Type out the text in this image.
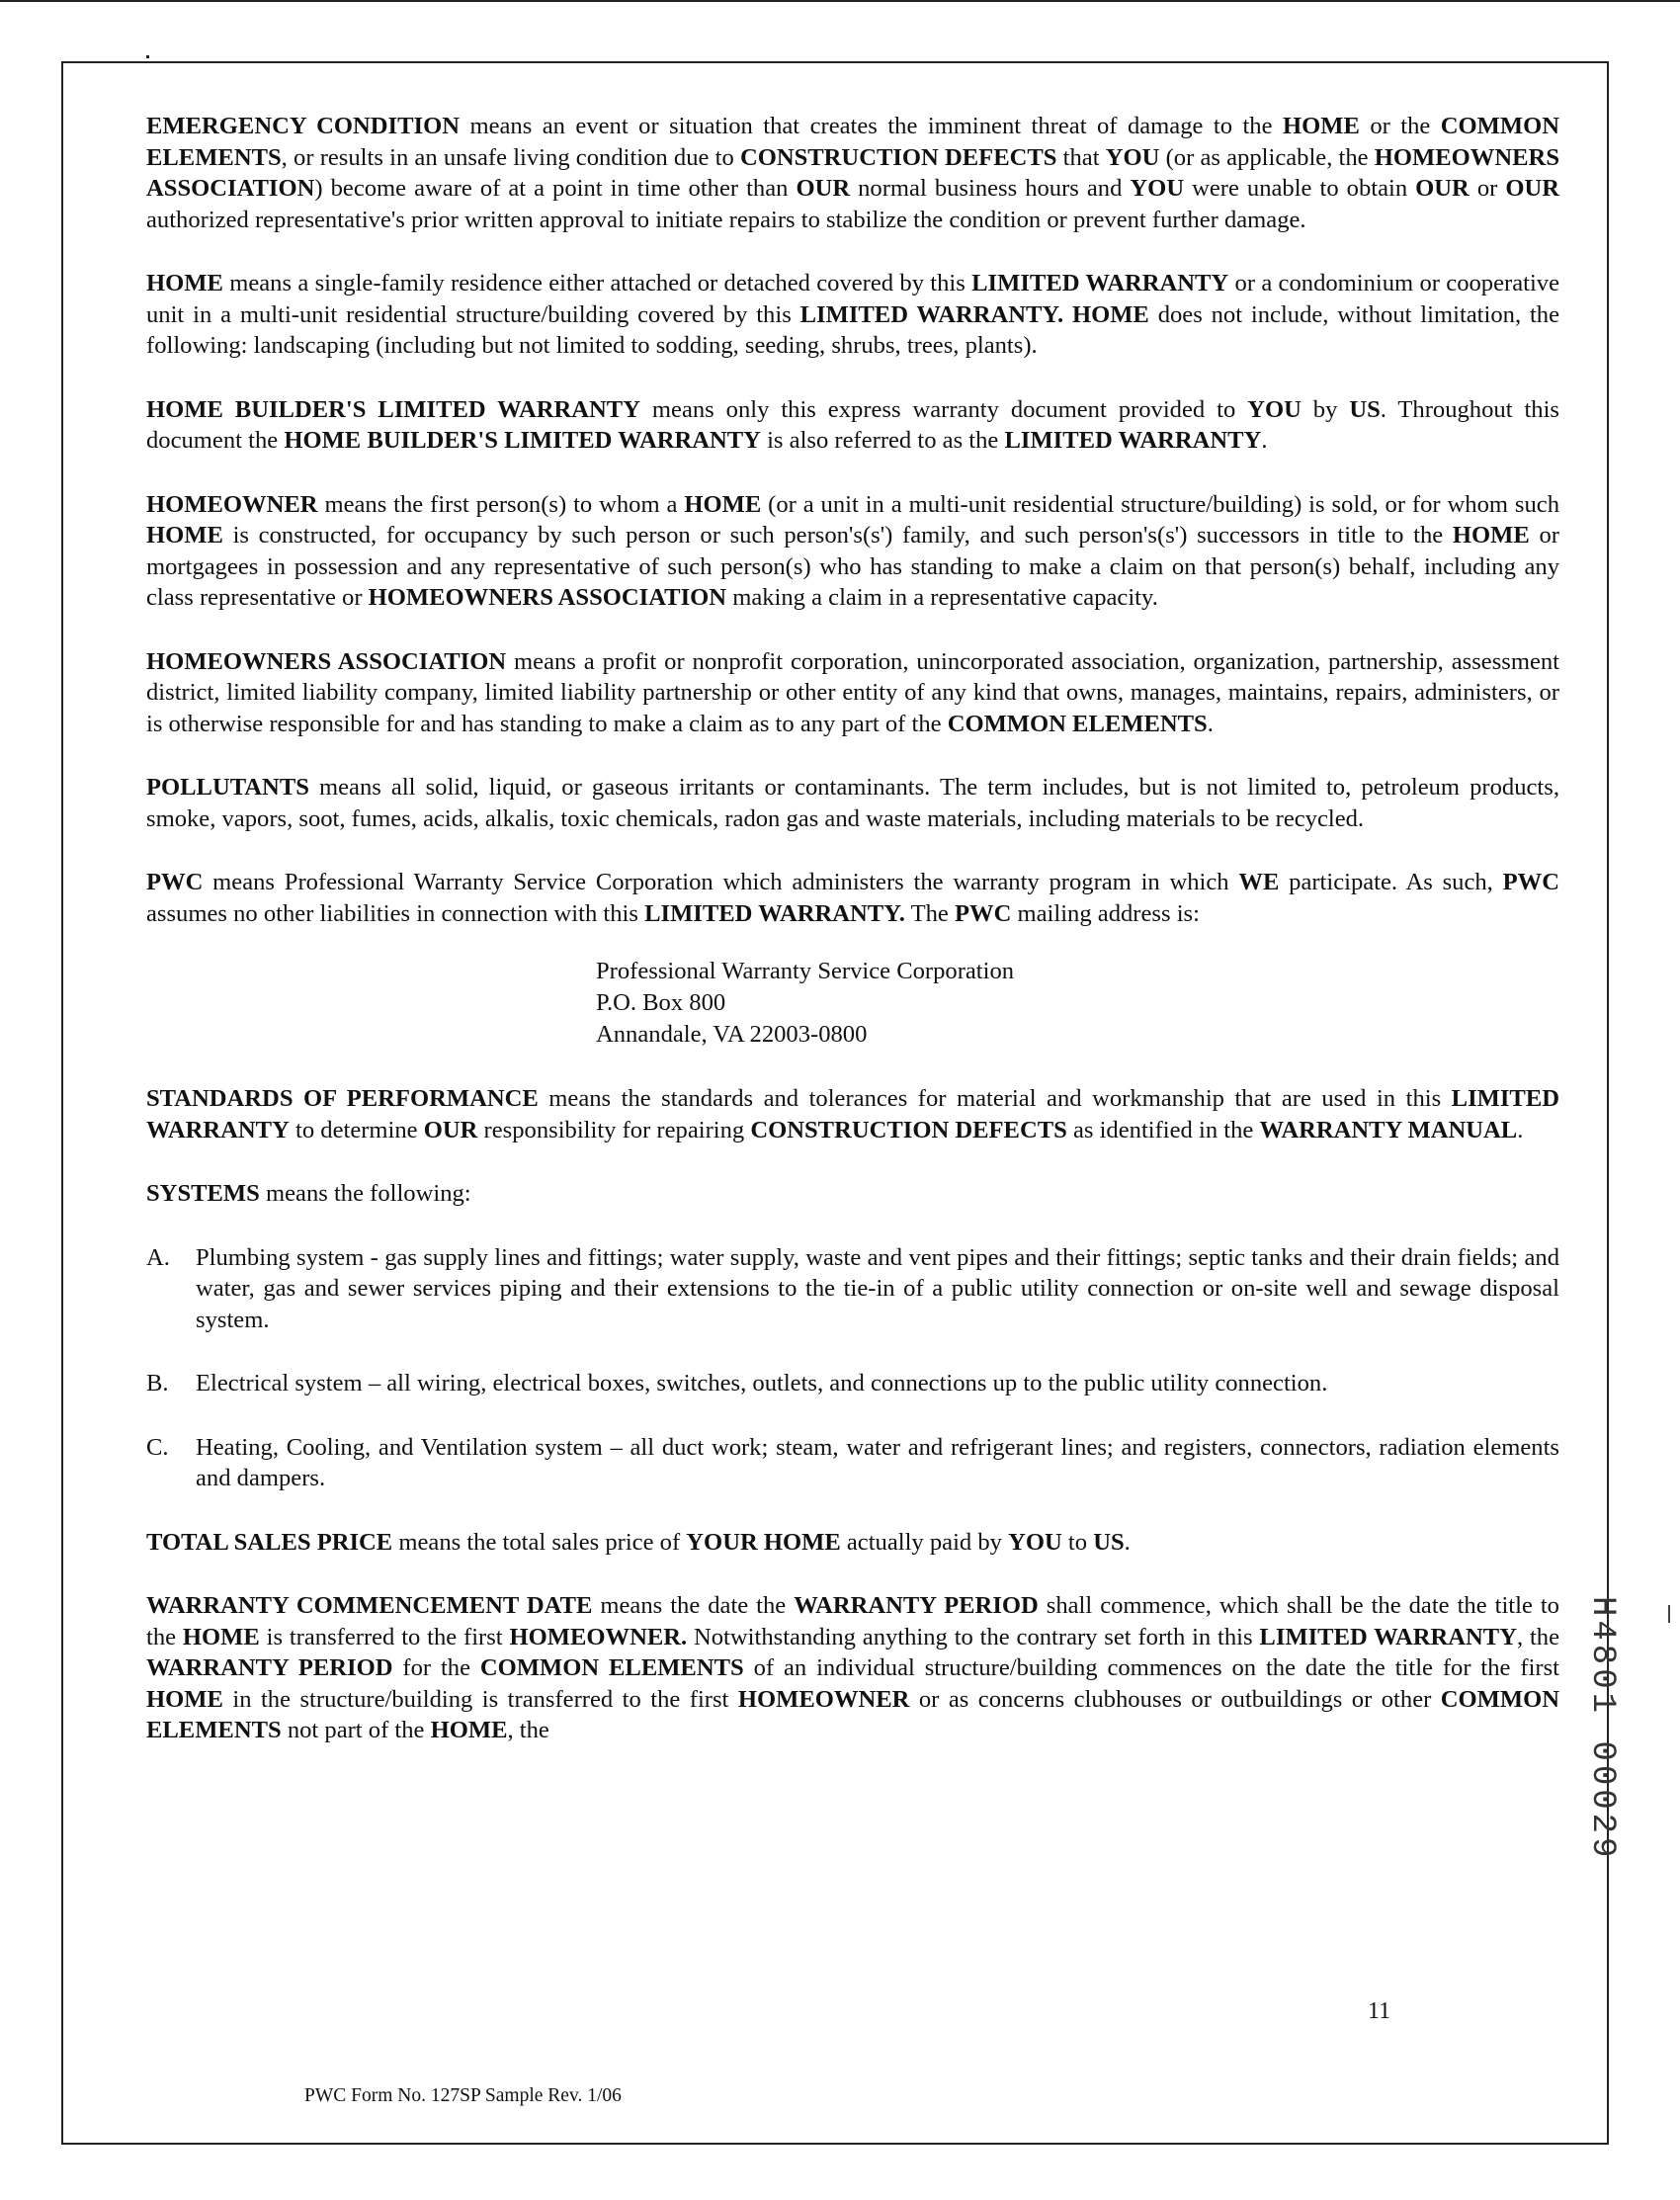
EMERGENCY CONDITION means an event or situation that creates the imminent threat of damage to the HOME or the COMMON ELEMENTS, or results in an unsafe living condition due to CONSTRUCTION DEFECTS that YOU (or as applicable, the HOMEOWNERS ASSOCIATION) become aware of at a point in time other than OUR normal business hours and YOU were unable to obtain OUR or OUR authorized representative's prior written approval to initiate repairs to stabilize the condition or prevent further damage.

HOME means a single-family residence either attached or detached covered by this LIMITED WARRANTY or a condominium or cooperative unit in a multi-unit residential structure/building covered by this LIMITED WARRANTY. HOME does not include, without limitation, the following: landscaping (including but not limited to sodding, seeding, shrubs, trees, plants).

HOME BUILDER'S LIMITED WARRANTY means only this express warranty document provided to YOU by US. Throughout this document the HOME BUILDER'S LIMITED WARRANTY is also referred to as the LIMITED WARRANTY.

HOMEOWNER means the first person(s) to whom a HOME (or a unit in a multi-unit residential structure/building) is sold, or for whom such HOME is constructed, for occupancy by such person or such person's(s') family, and such person's(s') successors in title to the HOME or mortgagees in possession and any representative of such person(s) who has standing to make a claim on that person(s) behalf, including any class representative or HOMEOWNERS ASSOCIATION making a claim in a representative capacity.

HOMEOWNERS ASSOCIATION means a profit or nonprofit corporation, unincorporated association, organization, partnership, assessment district, limited liability company, limited liability partnership or other entity of any kind that owns, manages, maintains, repairs, administers, or is otherwise responsible for and has standing to make a claim as to any part of the COMMON ELEMENTS.

POLLUTANTS means all solid, liquid, or gaseous irritants or contaminants. The term includes, but is not limited to, petroleum products, smoke, vapors, soot, fumes, acids, alkalis, toxic chemicals, radon gas and waste materials, including materials to be recycled.

PWC means Professional Warranty Service Corporation which administers the warranty program in which WE participate. As such, PWC assumes no other liabilities in connection with this LIMITED WARRANTY. The PWC mailing address is:

Professional Warranty Service Corporation
P.O. Box 800
Annandale, VA 22003-0800

STANDARDS OF PERFORMANCE means the standards and tolerances for material and workmanship that are used in this LIMITED WARRANTY to determine OUR responsibility for repairing CONSTRUCTION DEFECTS as identified in the WARRANTY MANUAL.

SYSTEMS means the following:

A.	Plumbing system - gas supply lines and fittings; water supply, waste and vent pipes and their fittings; septic tanks and their drain fields; and water, gas and sewer services piping and their extensions to the tie-in of a public utility connection or on-site well and sewage disposal system.
B.	Electrical system – all wiring, electrical boxes, switches, outlets, and connections up to the public utility connection.
C.	Heating, Cooling, and Ventilation system – all duct work; steam, water and refrigerant lines; and registers, connectors, radiation elements and dampers.

TOTAL SALES PRICE means the total sales price of YOUR HOME actually paid by YOU to US.

WARRANTY COMMENCEMENT DATE means the date the WARRANTY PERIOD shall commence, which shall be the date the title to the HOME is transferred to the first HOMEOWNER. Notwithstanding anything to the contrary set forth in this LIMITED WARRANTY, the WARRANTY PERIOD for the COMMON ELEMENTS of an individual structure/building commences on the date the title for the first HOME in the structure/building is transferred to the first HOMEOWNER or as concerns clubhouses or outbuildings or other COMMON ELEMENTS not part of the HOME, the

11
PWC Form No. 127SP Sample Rev. 1/06
H4801 00029
